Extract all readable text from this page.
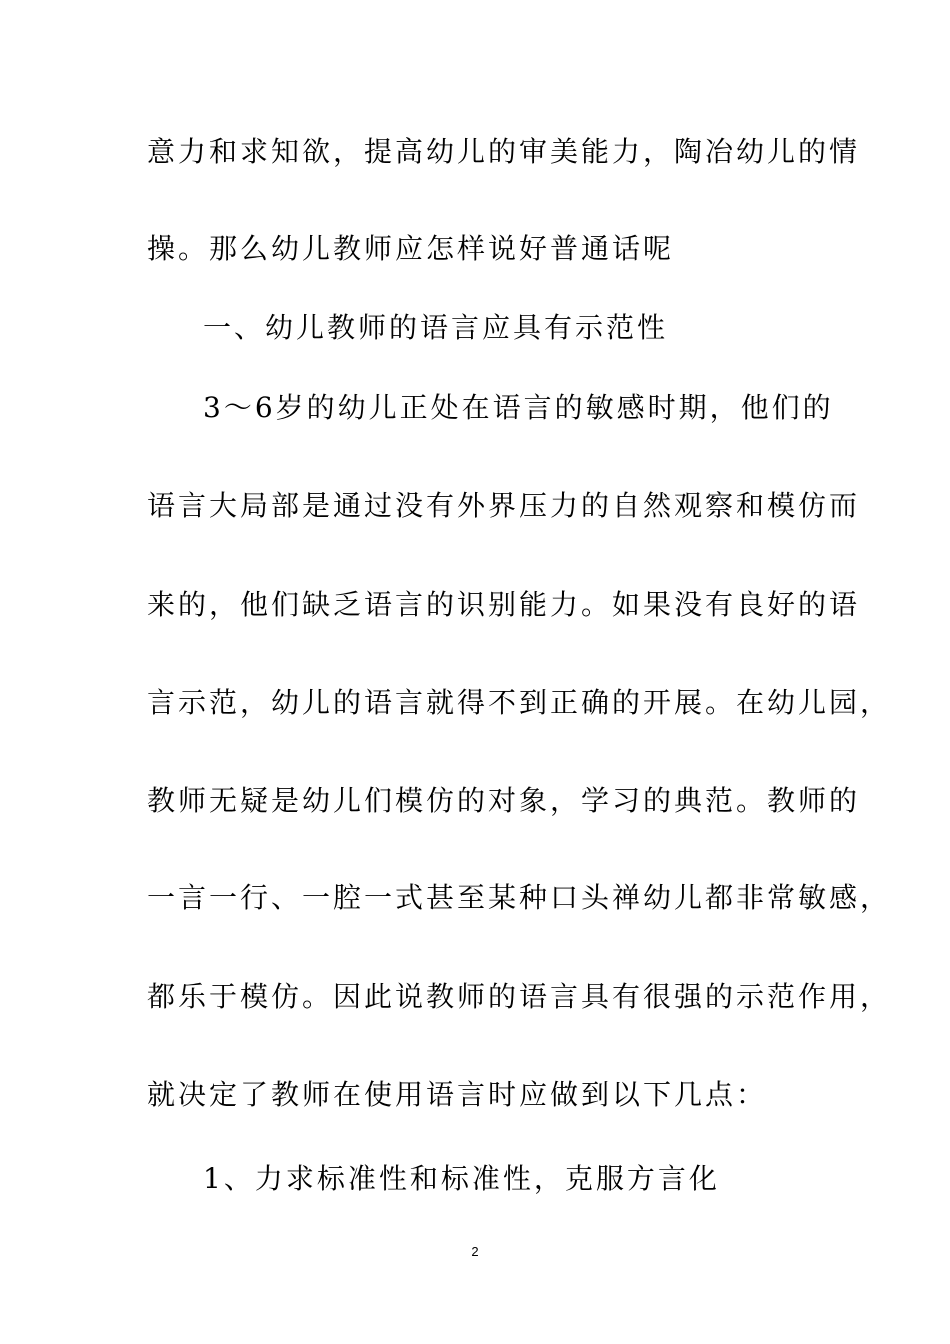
意力和求知欲，提高幼儿的审美能力，陶冶幼儿的情
操。那么幼儿教师应怎样说好普通话呢
一、幼儿教师的语言应具有示范性
3～6岁的幼儿正处在语言的敏感时期，他们的
语言大局部是通过没有外界压力的自然观察和模仿而
来的，他们缺乏语言的识别能力。如果没有良好的语
言示范，幼儿的语言就得不到正确的开展。在幼儿园，
教师无疑是幼儿们模仿的对象，学习的典范。教师的
一言一行、一腔一式甚至某种口头禅幼儿都非常敏感，
都乐于模仿。因此说教师的语言具有很强的示范作用，
就决定了教师在使用语言时应做到以下几点：
1、力求标准性和标准性，克服方言化
2
